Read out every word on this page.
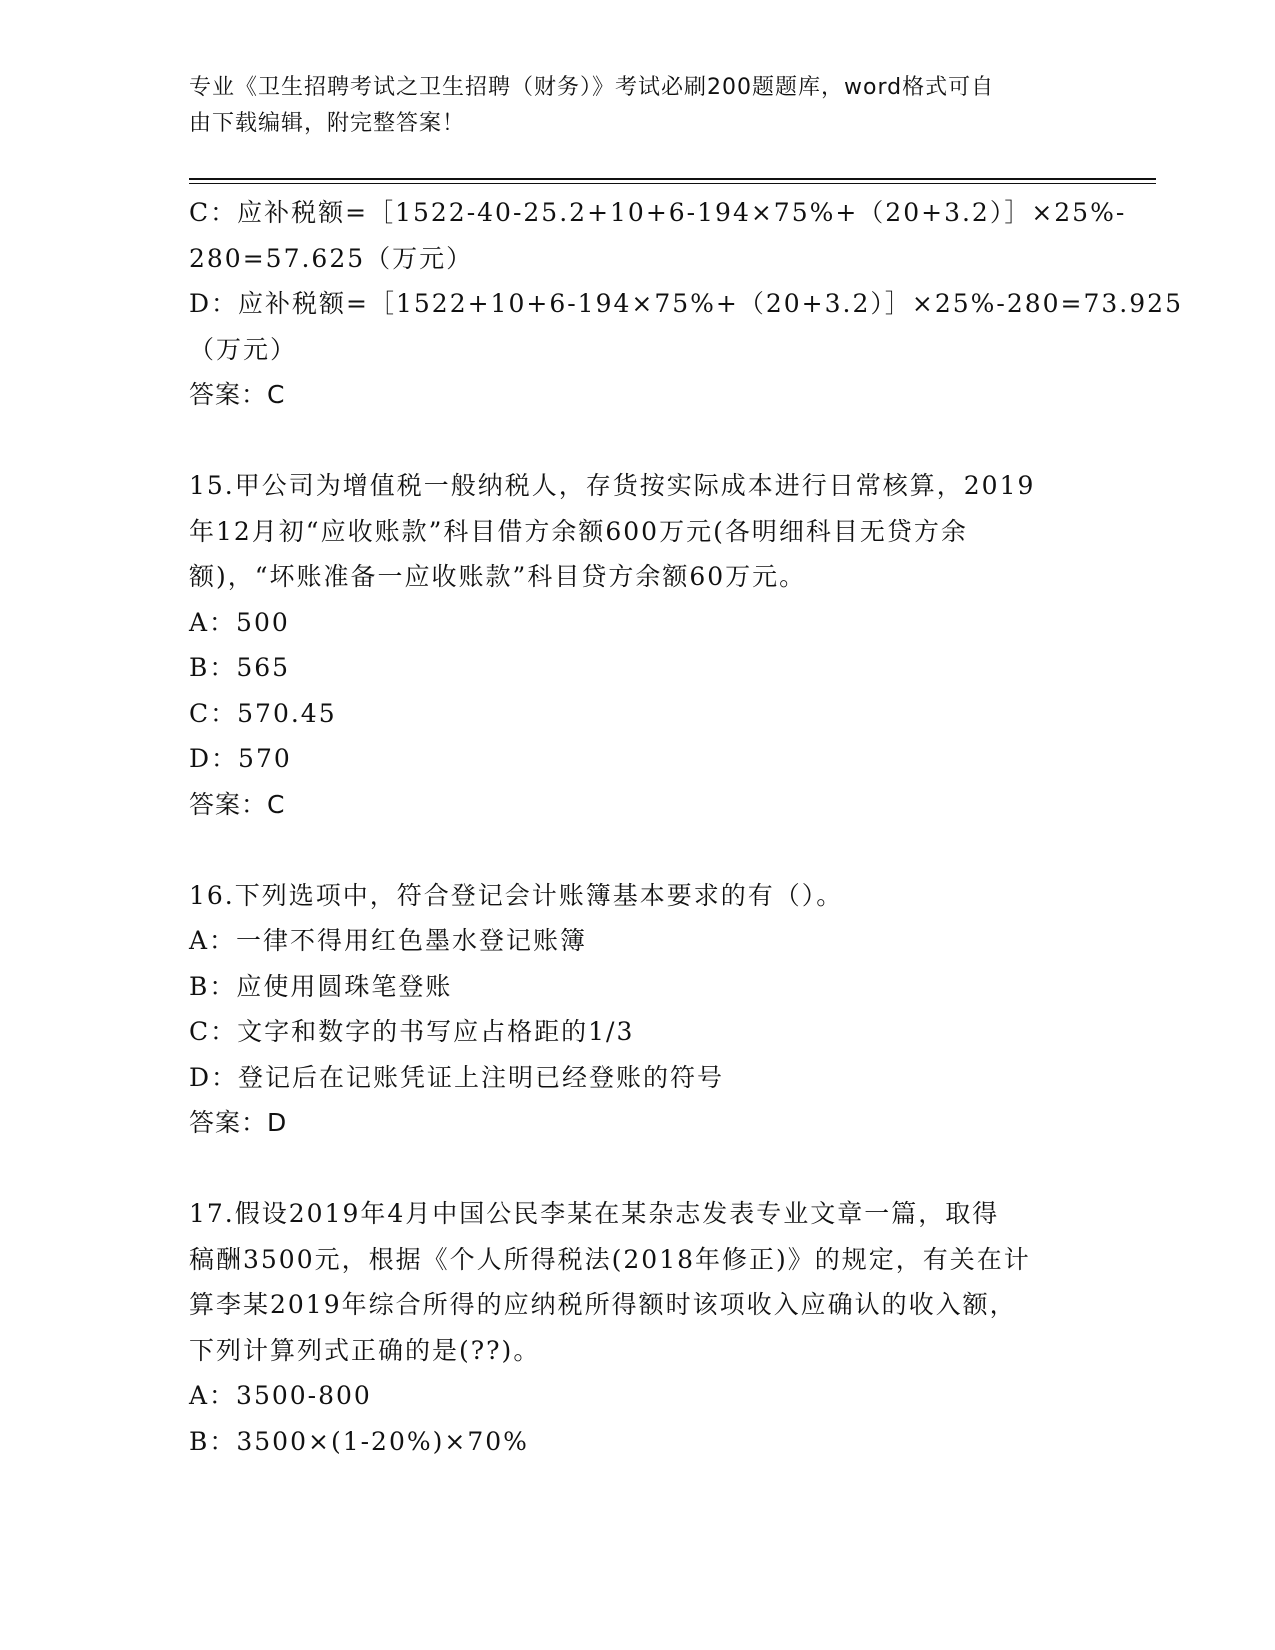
专业《卫生招聘考试之卫生招聘（财务）》考试必刷200题题库，word格式可自
由下载编辑，附完整答案！
C：应补税额=［1522-40-25.2+10+6-194×75%+（20+3.2）］×25%-
280=57.625（万元）
D：应补税额=［1522+10+6-194×75%+（20+3.2）］×25%-280=73.925
（万元）
答案：C
15.甲公司为增值税一般纳税人，存货按实际成本进行日常核算，2019
年12月初“应收账款”科目借方余额600万元(各明细科目无贷方余
额)，“坏账准备一应收账款”科目贷方余额60万元。
A：500
B：565
C：570.45
D：570
答案：C
16.下列选项中，符合登记会计账簿基本要求的有（）。
A：一律不得用红色墨水登记账簿
B：应使用圆珠笔登账
C：文字和数字的书写应占格距的1/3
D：登记后在记账凭证上注明已经登账的符号
答案：D
17.假设2019年4月中国公民李某在某杂志发表专业文章一篇，取得
稿酬3500元，根据《个人所得税法(2018年修正)》的规定，有关在计
算李某2019年综合所得的应纳税所得额时该项收入应确认的收入额，
下列计算列式正确的是(??)。
A：3500-800
B：3500×(1-20%)×70%
